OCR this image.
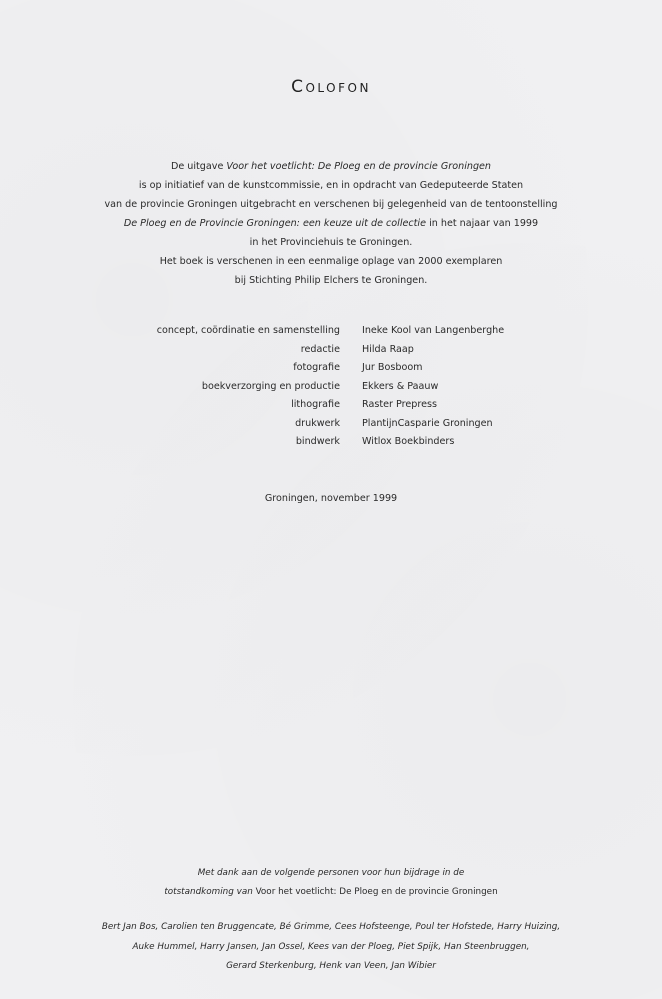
Colofon
De uitgave Voor het voetlicht: De Ploeg en de provincie Groningen
is op initiatief van de kunstcommissie, en in opdracht van Gedeputeerde Staten
van de provincie Groningen uitgebracht en verschenen bij gelegenheid van de tentoonstelling
De Ploeg en de Provincie Groningen: een keuze uit de collectie in het najaar van 1999
in het Provinciehuis te Groningen.
Het boek is verschenen in een eenmalige oplage van 2000 exemplaren
bij Stichting Philip Elchers te Groningen.
concept, coördinatie en samenstelling Ineke Kool van Langenberghe
redactie Hilda Raap
fotografie Jur Bosboom
boekverzorging en productie Ekkers & Paauw
lithografie Raster Prepress
drukwerk PlantijnCasparie Groningen
bindwerk Witlox Boekbinders
Groningen, november 1999
Met dank aan de volgende personen voor hun bijdrage in de
totstandkoming van Voor het voetlicht: De Ploeg en de provincie Groningen
Bert Jan Bos, Carolien ten Bruggencate, Bé Grimme, Cees Hofsteenge, Poul ter Hofstede, Harry Huizing,
Auke Hummel, Harry Jansen, Jan Ossel, Kees van der Ploeg, Piet Spijk, Han Steenbruggen,
Gerard Sterkenburg, Henk van Veen, Jan Wibier
